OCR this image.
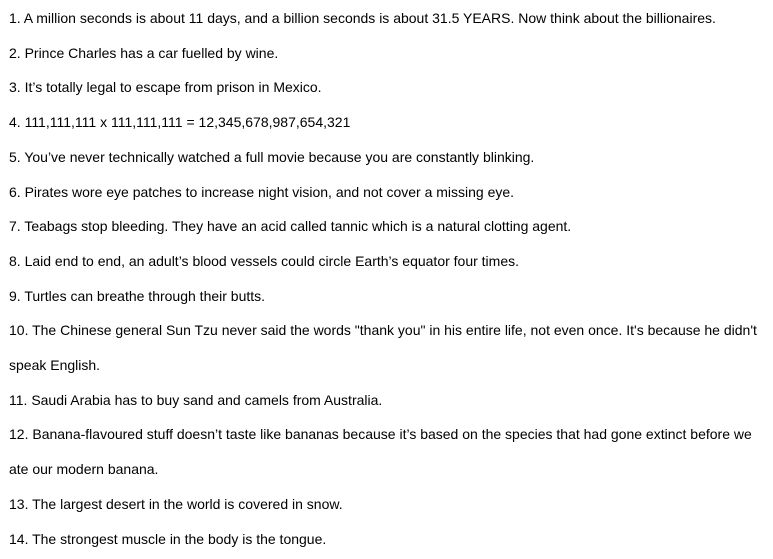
1. A million seconds is about 11 days, and a billion seconds is about 31.5 YEARS. Now think about the billionaires.
2. Prince Charles has a car fuelled by wine.
3. It’s totally legal to escape from prison in Mexico.
4. 111,111,111 x 111,111,111 = 12,345,678,987,654,321
5. You’ve never technically watched a full movie because you are constantly blinking.
6. Pirates wore eye patches to increase night vision, and not cover a missing eye.
7. Teabags stop bleeding. They have an acid called tannic which is a natural clotting agent.
8. Laid end to end, an adult’s blood vessels could circle Earth’s equator four times.
9. Turtles can breathe through their butts.
10. The Chinese general Sun Tzu never said the words "thank you" in his entire life, not even once. It's because he didn't speak English.
11. Saudi Arabia has to buy sand and camels from Australia.
12. Banana-flavoured stuff doesn’t taste like bananas because it’s based on the species that had gone extinct before we ate our modern banana.
13. The largest desert in the world is covered in snow.
14. The strongest muscle in the body is the tongue.
